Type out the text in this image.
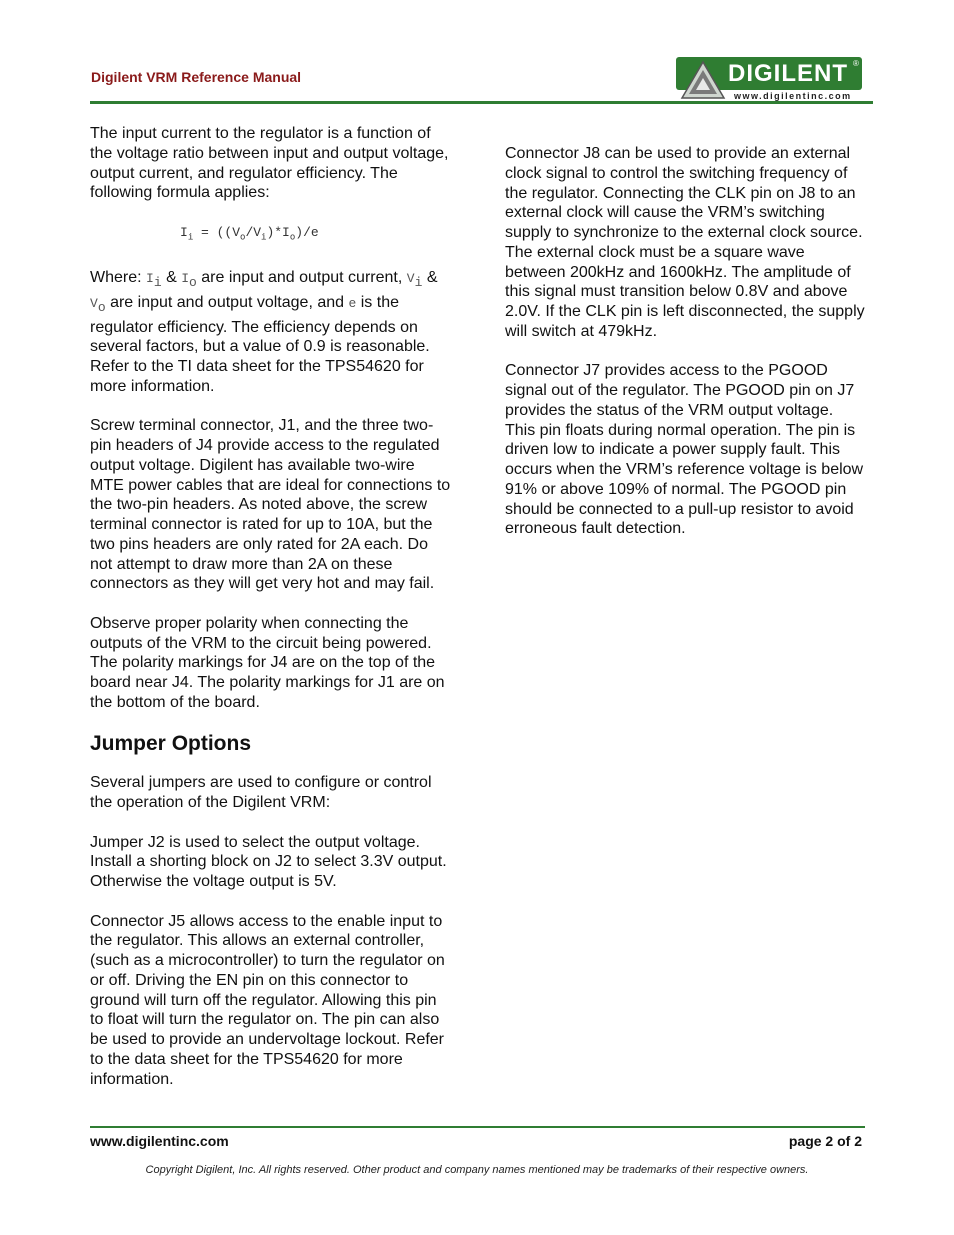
Digilent VRM Reference Manual	DIGILENT ®
www.digilentinc.com

The input current to the regulator is a function of the voltage ratio between input and output voltage, output current, and regulator efficiency. The following formula applies:

$I_i = ((V_o/V_i)*I_o)/e$

Where: $I_i$ & $I_o$ are input and output current, $V_i$ & $V_o$ are input and output voltage, and e is the regulator efficiency. The efficiency depends on several factors, but a value of 0.9 is reasonable. Refer to the TI data sheet for the TPS54620 for more information.

Screw terminal connector, J1, and the three two-pin headers of J4 provide access to the regulated output voltage. Digilent has available two-wire MTE power cables that are ideal for connections to the two-pin headers. As noted above, the screw terminal connector is rated for up to 10A, but the two pins headers are only rated for 2A each. Do not attempt to draw more than 2A on these connectors as they will get very hot and may fail.

Observe proper polarity when connecting the outputs of the VRM to the circuit being powered. The polarity markings for J4 are on the top of the board near J4. The polarity markings for J1 are on the bottom of the board.

Jumper Options

Several jumpers are used to configure or control the operation of the Digilent VRM:

Jumper J2 is used to select the output voltage. Install a shorting block on J2 to select 3.3V output. Otherwise the voltage output is 5V.

Connector J5 allows access to the enable input to the regulator. This allows an external controller, (such as a microcontroller) to turn the regulator on or off. Driving the EN pin on this connector to ground will turn off the regulator. Allowing this pin to float will turn the regulator on. The pin can also be used to provide an undervoltage lockout. Refer to the data sheet for the TPS54620 for more information.

Connector J8 can be used to provide an external clock signal to control the switching frequency of the regulator. Connecting the CLK pin on J8 to an external clock will cause the VRM’s switching supply to synchronize to the external clock source. The external clock must be a square wave between 200kHz and 1600kHz. The amplitude of this signal must transition below 0.8V and above 2.0V. If the CLK pin is left disconnected, the supply will switch at 479kHz.

Connector J7 provides access to the PGOOD signal out of the regulator. The PGOOD pin on J7 provides the status of the VRM output voltage. This pin floats during normal operation. The pin is driven low to indicate a power supply fault. This occurs when the VRM’s reference voltage is below 91% or above 109% of normal. The PGOOD pin should be connected to a pull-up resistor to avoid erroneous fault detection.

www.digilentinc.com	page 2 of 2
Copyright Digilent, Inc. All rights reserved. Other product and company names mentioned may be trademarks of their respective owners.
